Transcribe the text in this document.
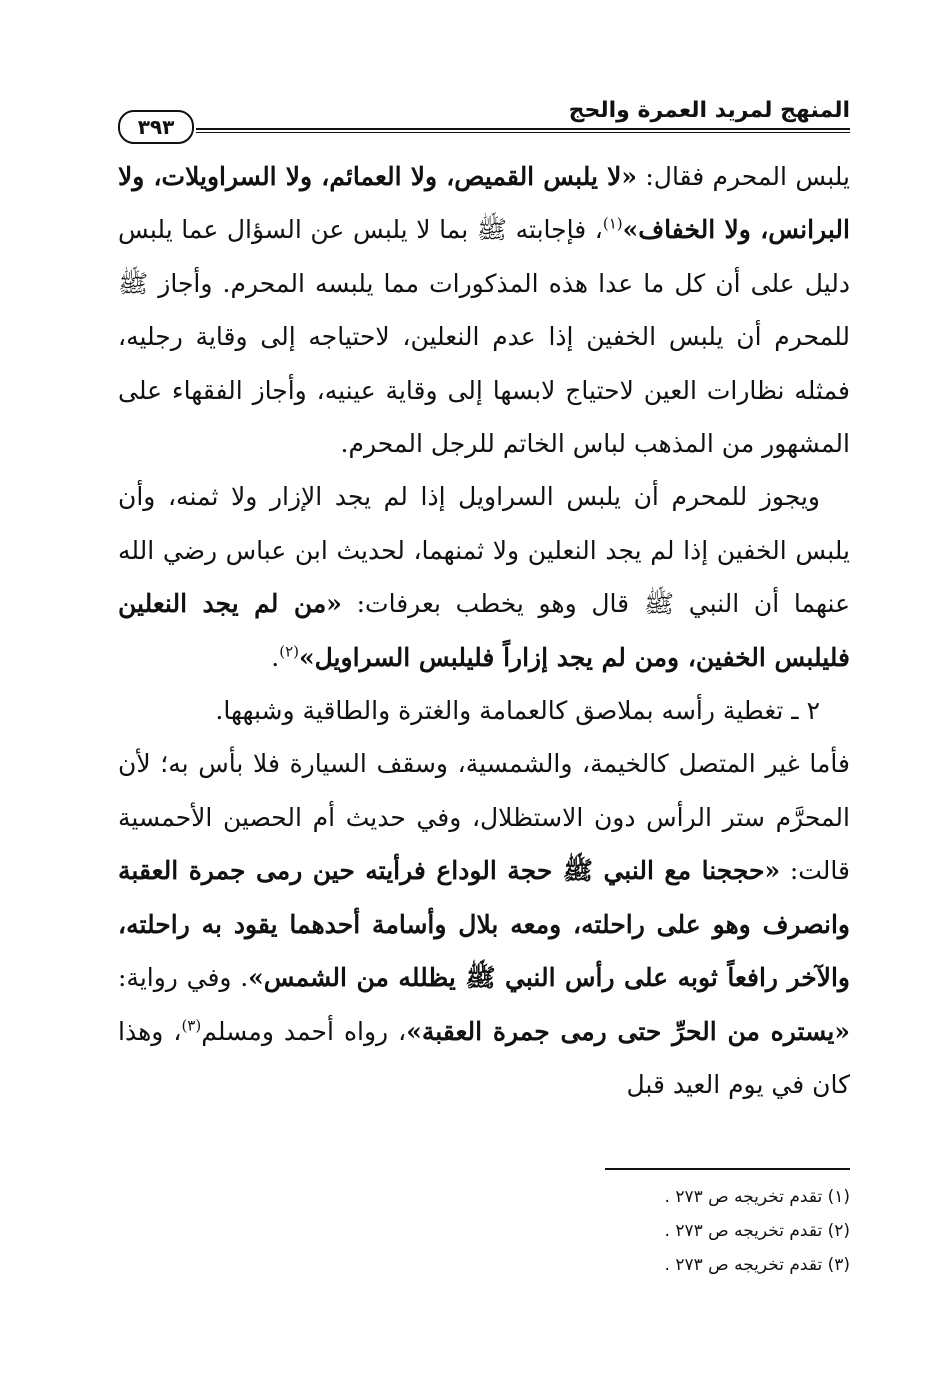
المنهج لمريد العمرة والحج
٣٩٣

يلبس المحرم فقال: «لا يلبس القميص، ولا العمائم، ولا السراويلات، ولا البرانس، ولا الخفاف»$^{(١)}$، فإجابته ﷺ بما لا يلبس عن السؤال عما يلبس دليل على أن كل ما عدا هذه المذكورات مما يلبسه المحرم. وأجاز ﷺ للمحرم أن يلبس الخفين إذا عدم النعلين، لاحتياجه إلى وقاية رجليه، فمثله نظارات العين لاحتياج لابسها إلى وقاية عينيه، وأجاز الفقهاء على المشهور من المذهب لباس الخاتم للرجل المحرم.

ويجوز للمحرم أن يلبس السراويل إذا لم يجد الإزار ولا ثمنه، وأن يلبس الخفين إذا لم يجد النعلين ولا ثمنهما، لحديث ابن عباس رضي الله عنهما أن النبي ﷺ قال وهو يخطب بعرفات: «من لم يجد النعلين فليلبس الخفين، ومن لم يجد إزاراً فليلبس السراويل»$^{(٢)}$.

٢ ـ تغطية رأسه بملاصق كالعمامة والغترة والطاقية وشبهها.

فأما غير المتصل كالخيمة، والشمسية، وسقف السيارة فلا بأس به؛ لأن المحرَّم ستر الرأس دون الاستظلال، وفي حديث أم الحصين الأحمسية قالت: «حججنا مع النبي ﷺ حجة الوداع فرأيته حين رمى جمرة العقبة وانصرف وهو على راحلته، ومعه بلال وأسامة أحدهما يقود به راحلته، والآخر رافعاً ثوبه على رأس النبي ﷺ يظلله من الشمس». وفي رواية: «يستره من الحرِّ حتى رمى جمرة العقبة»، رواه أحمد ومسلم$^{(٣)}$، وهذا كان في يوم العيد قبل

(١) تقدم تخريجه ص ٢٧٣ .
(٢) تقدم تخريجه ص ٢٧٣ .
(٣) تقدم تخريجه ص ٢٧٣ .
